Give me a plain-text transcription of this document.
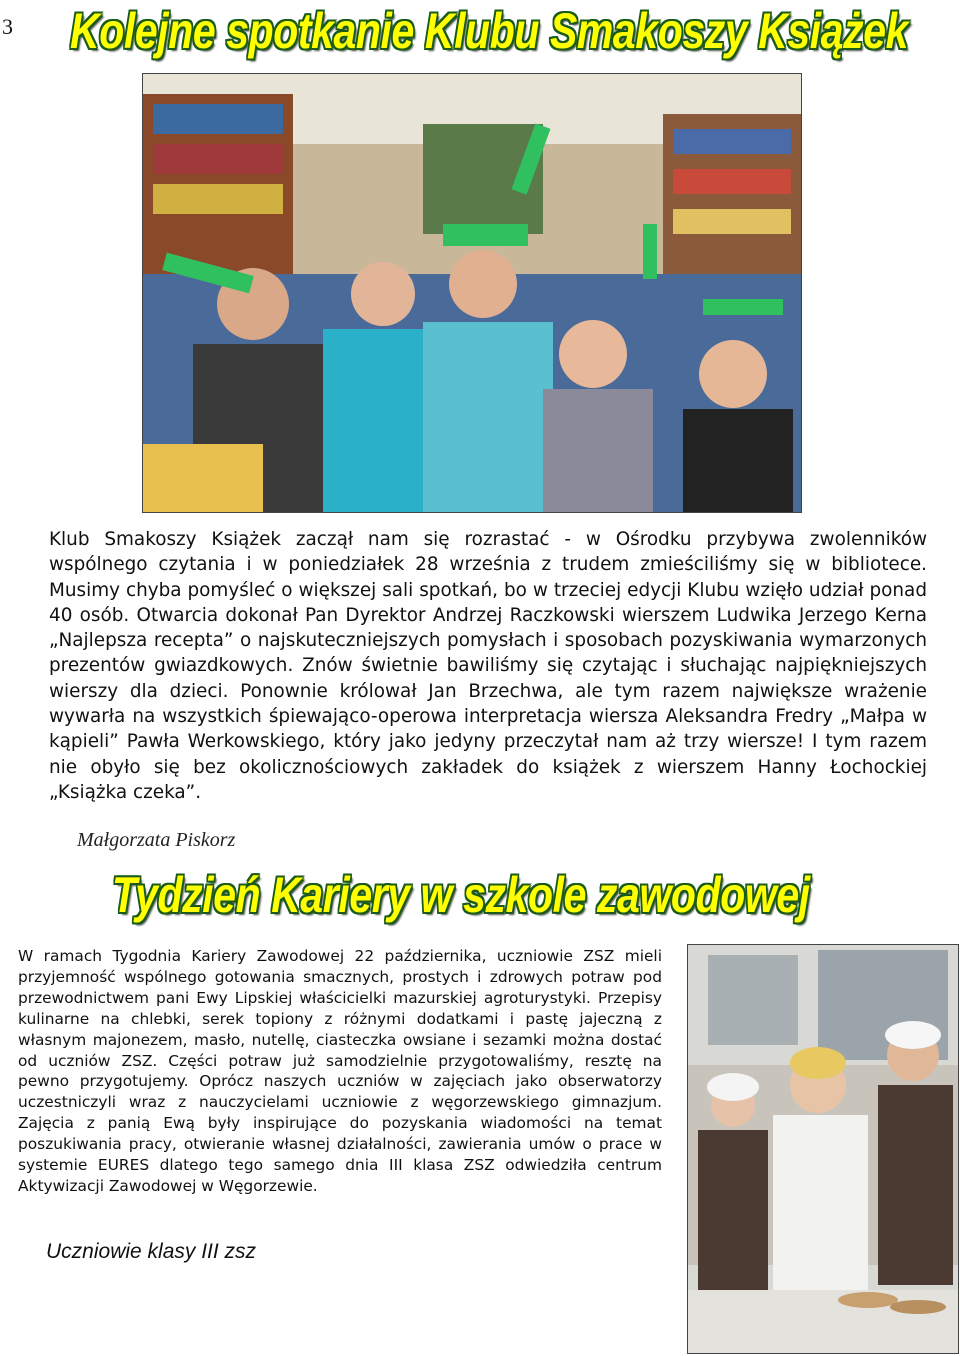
3 Kolejne spotkanie Klubu Smakoszy Książek

Klub Smakoszy Książek zaczął nam się rozrastać - w Ośrodku przybywa zwolenników wspólnego czytania i w poniedziałek 28 września z trudem zmieściliśmy się w bibliotece. Musimy chyba pomyśleć o większej sali spotkań, bo w trzeciej edycji Klubu wzięło udział ponad 40 osób. Otwarcia dokonał Pan Dyrektor Andrzej Raczkowski wierszem Ludwika Jerzego Kerna „Najlepsza recepta” o najskuteczniejszych pomysłach i sposobach pozyskiwania wymarzonych prezentów gwiazdkowych. Znów świetnie bawiliśmy się czytając i słuchając najpiękniejszych wierszy dla dzieci. Ponownie królował Jan Brzechwa, ale tym razem największe wrażenie wywarła na wszystkich śpiewająco-operowa interpretacja wiersza Aleksandra Fredry „Małpa w kąpieli” Pawła Werkowskiego, który jako jedyny przeczytał nam aż trzy wiersze! I tym razem nie obyło się bez okolicznościowych zakładek do książek z wierszem Hanny Łochockiej „Książka czeka”.

Małgorzata Piskorz

Tydzień Kariery w szkole zawodowej

W ramach Tygodnia Kariery Zawodowej 22 października, uczniowie ZSZ mieli przyjemność wspólnego gotowania smacznych, prostych i zdrowych potraw pod przewodnictwem pani Ewy Lipskiej właścicielki mazurskiej agroturystyki. Przepisy kulinarne na chlebki, serek topiony z różnymi dodatkami i pastę jajeczną z własnym majonezem, masło, nutellę, ciasteczka owsiane i sezamki można dostać od uczniów ZSZ. Części potraw już samodzielnie przygotowaliśmy, resztę na pewno przygotujemy. Oprócz naszych uczniów w zajęciach jako obserwatorzy uczestniczyli wraz z nauczycielami uczniowie z węgorzewskiego gimnazjum. Zajęcia z panią Ewą były inspirujące do pozyskania wiadomości na temat poszukiwania pracy, otwieranie własnej działalności, zawierania umów o prace w systemie EURES dlatego tego samego dnia III klasa ZSZ odwiedziła centrum Aktywizacji Zawodowej w Węgorzewie.

Uczniowie klasy III zsz
